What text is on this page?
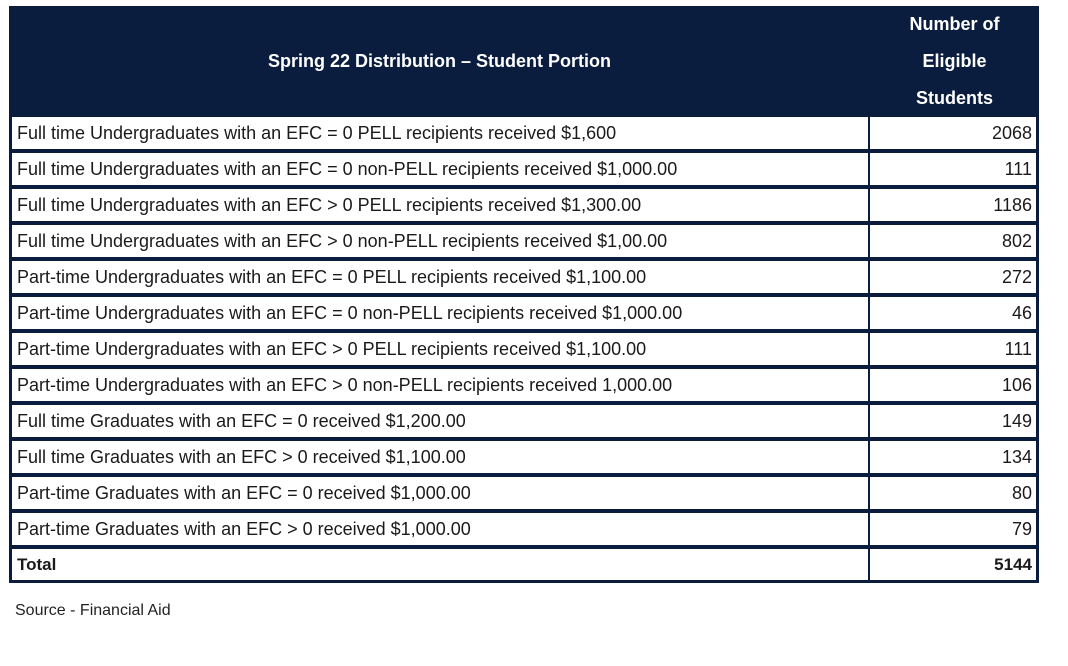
Spring 22 Distribution – Student Portion	Number of
Eligible
Students

Full time Undergraduates with an EFC = 0 PELL recipients received $1,600	2068
Full time Undergraduates with an EFC = 0 non-PELL recipients received $1,000.00	111
Full time Undergraduates with an EFC > 0 PELL recipients received $1,300.00	1186
Full time Undergraduates with an EFC > 0 non-PELL recipients received $1,00.00	802
Part-time Undergraduates with an EFC = 0 PELL recipients received $1,100.00	272
Part-time Undergraduates with an EFC = 0 non-PELL recipients received $1,000.00	46
Part-time Undergraduates with an EFC > 0 PELL recipients received $1,100.00	111
Part-time Undergraduates with an EFC > 0 non-PELL recipients received 1,000.00	106
Full time Graduates with an EFC = 0 received $1,200.00	149
Full time Graduates with an EFC > 0 received $1,100.00	134
Part-time Graduates with an EFC = 0 received $1,000.00	80
Part-time Graduates with an EFC > 0 received $1,000.00	79
Total	5144
Source - Financial Aid
